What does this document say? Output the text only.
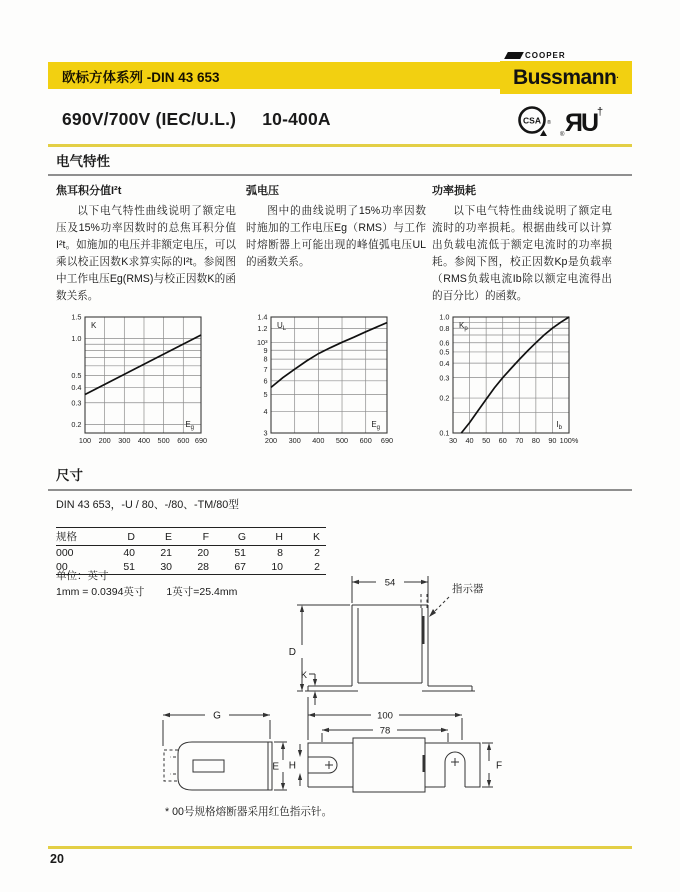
欧标方体系列 -DIN 43 653
COOPER
Bussmann ·
690V/700V (IEC/U.L.) 10-400A	CSA ® ЯU †
®
电气特性

焦耳积分值I²t

以下电气特性曲线说明了额定电压及15%功率因数时的总焦耳积分值I²t。如施加的电压并非额定电压，可以乘以校正因数K求算实际的I²t。参阅图中工作电压Eg(RMS)与校正因数K的函数关系。

弧电压

图中的曲线说明了15%功率因数时施加的工作电压Eg（RMS）与工作时熔断器上可能出现的峰值弧电压UL的函数关系。

功率损耗

以下电气特性曲线说明了额定电流时的功率损耗。根据曲线可以计算出负载电流低于额定电流时的功率损耗。参阅下图，校正因数Kp是负载率（RMS负载电流Ib除以额定电流得出的百分比）的函数。

1.5
1.0
0.5
0.4
0.3
0.2
100 200 300 400 500 600 690
K
$E_g$
1.4
1.2
10³
9
8
7
6
5
4
3
200 300 400 500 600 690
$U_L$
$E_g$
1.0
0.8
0.6
0.5
0.4
0.3
0.2
0.1
30 40 50 60 70 80 90 100%
$K_p$
$I_b$
尺寸
DIN 43 653，-U / 80、-/80、-TM/80型
规格	D	E	F	G	H	K
000	40	21	20	51	8	2
00	51	30	28	67	10	2
单位：英寸
1mm = 0.0394英寸 1英寸=25.4mm
54	指示器
D
K
G
E
100
78
H	F
* 00号规格熔断器采用红色指示针。
20
